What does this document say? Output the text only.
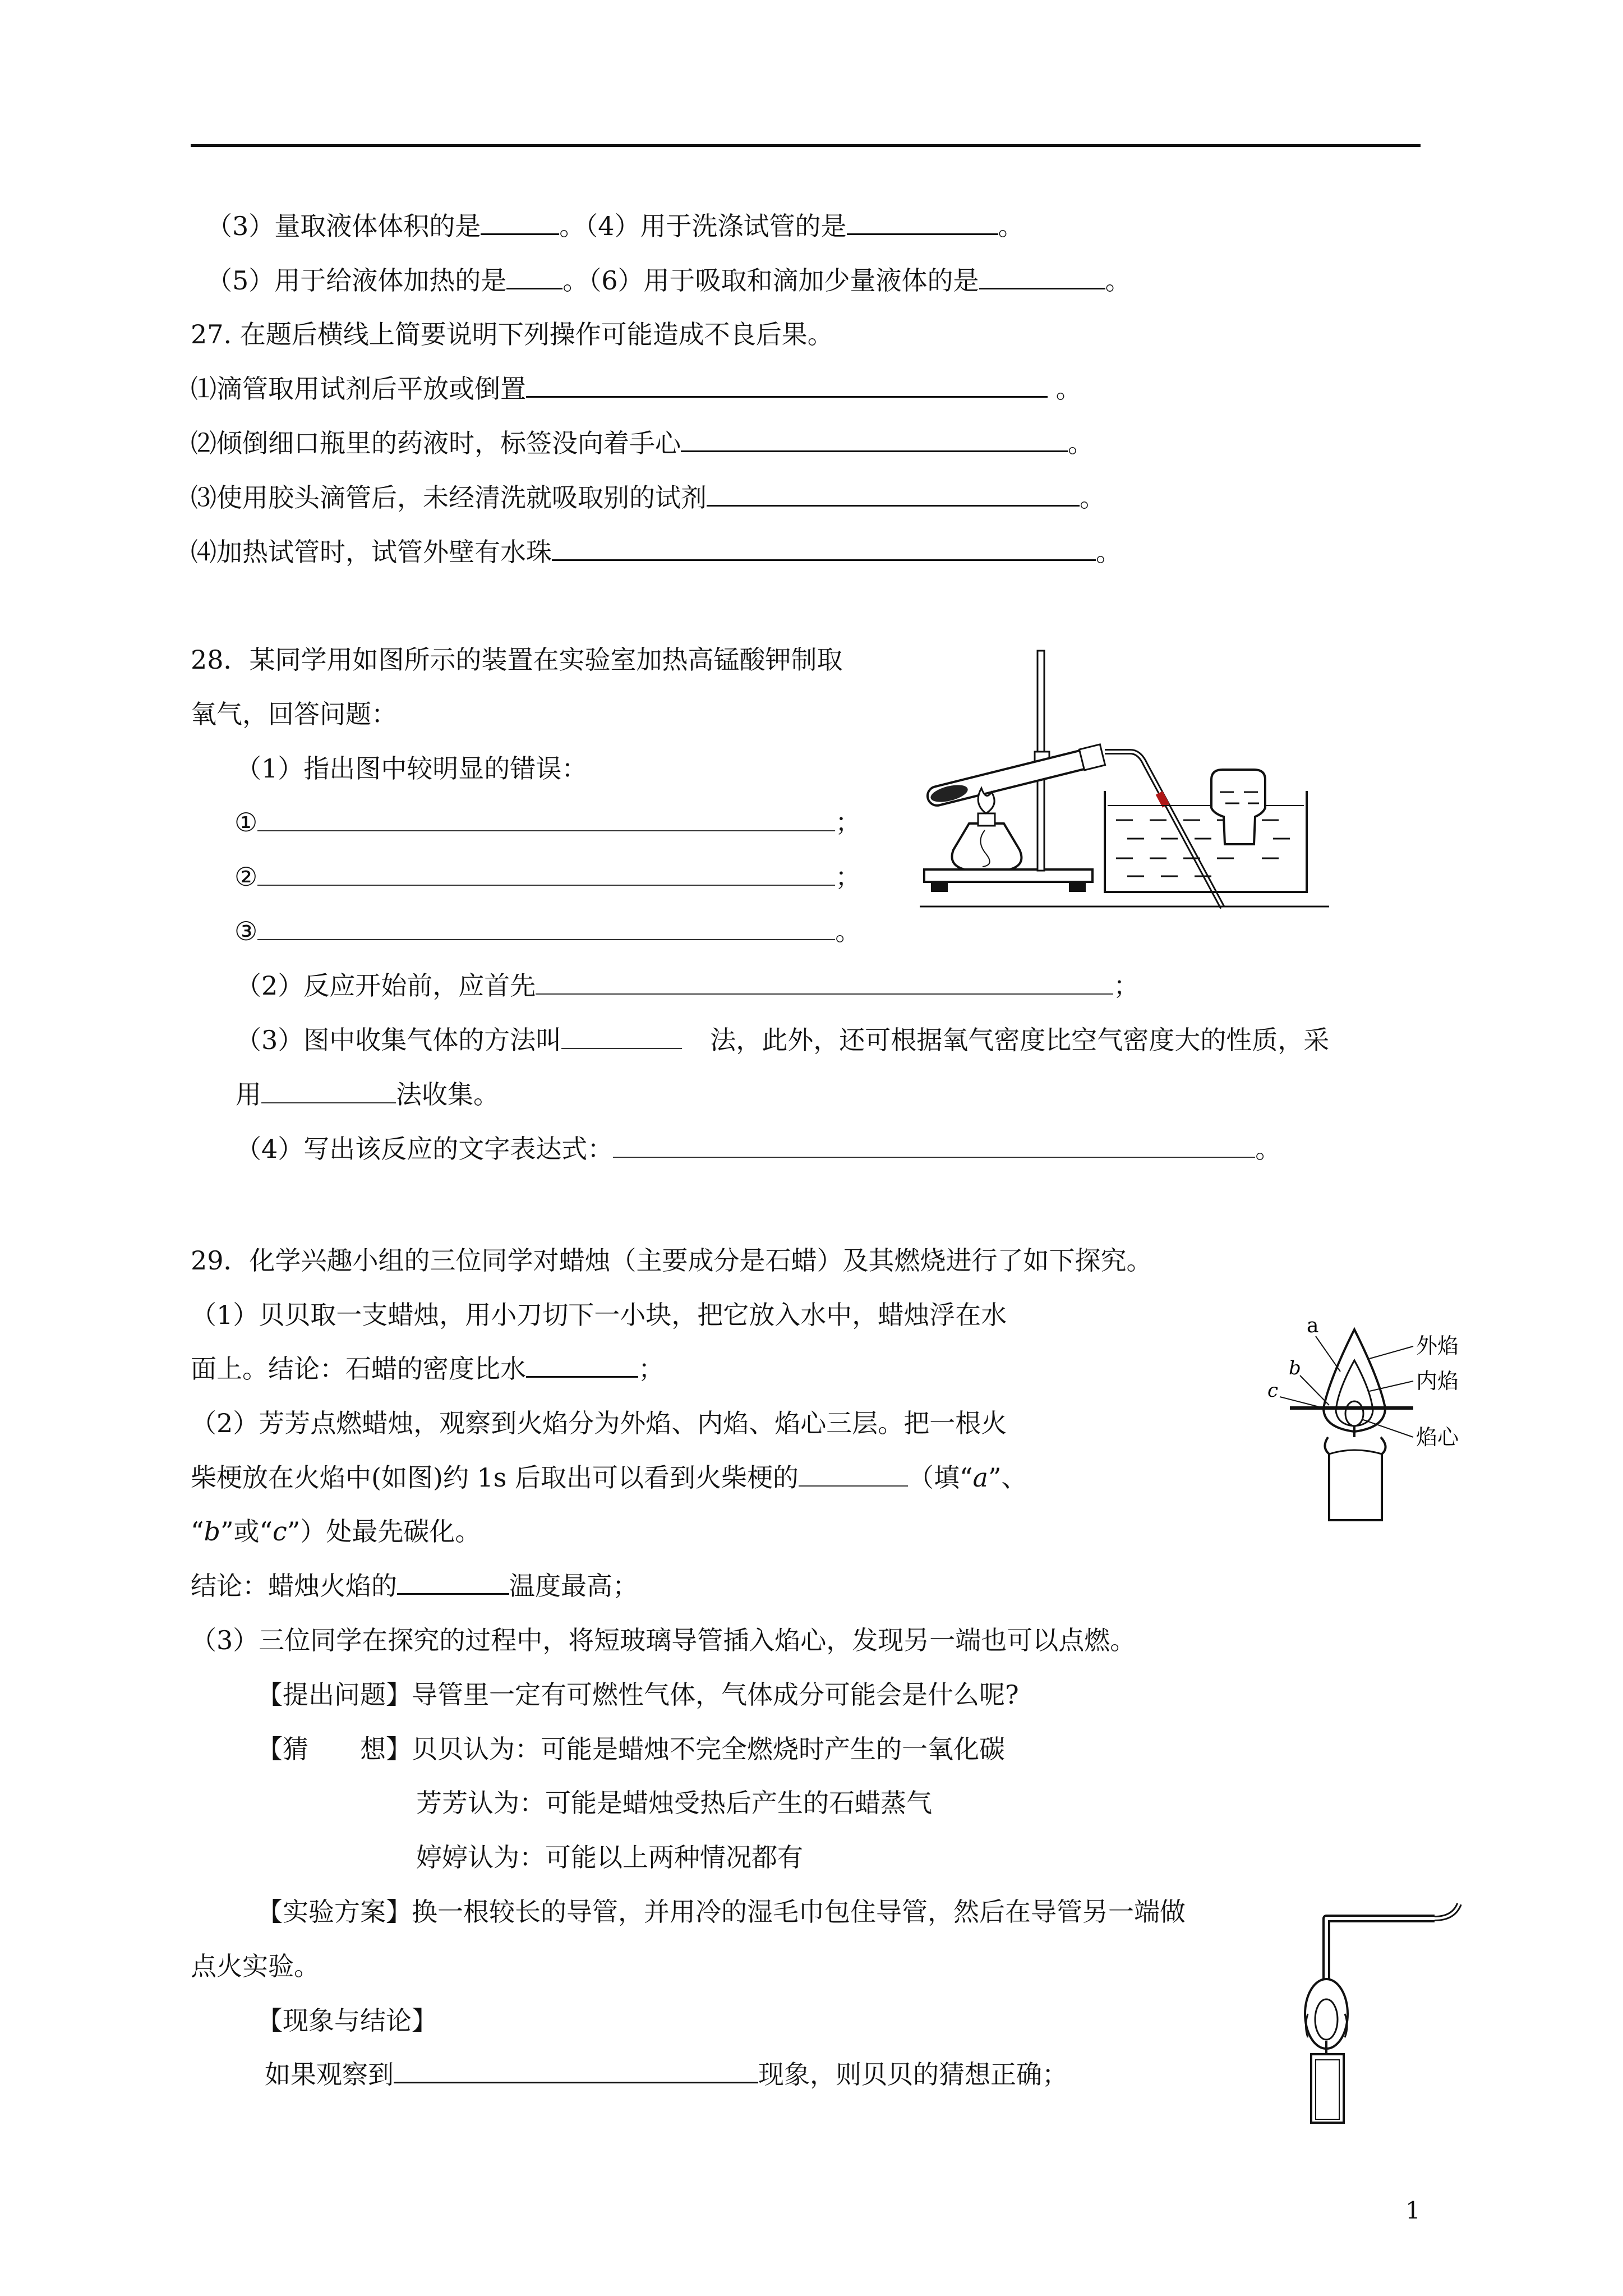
（3）量取液体体积的是	。（4）用于洗涤试管的是	。
（5）用于给液体加热的是 。（6）用于吸取和滴加少量液体的是	。
27. 在题后横线上简要说明下列操作可能造成不良后果。
⑴滴管取用试剂后平放或倒置	。
⑵倾倒细口瓶里的药液时，标签没向着手心	。
⑶使用胶头滴管后，未经清洗就吸取别的试剂	。
⑷加热试管时，试管外壁有水珠	。
28．某同学用如图所示的装置在实验室加热高锰酸钾制取
氧气，回答问题：
（1）指出图中较明显的错误：
①	；
②	；
③	。
（2）反应开始前，应首先	；
（3）图中收集气体的方法叫	法，此外，还可根据氧气密度比空气密度大的性质，采
用	法收集。
（4）写出该反应的文字表达式：	。
29．化学兴趣小组的三位同学对蜡烛（主要成分是石蜡）及其燃烧进行了如下探究。
（1）贝贝取一支蜡烛，用小刀切下一小块，把它放入水中，蜡烛浮在水
面上。结论：石蜡的密度比水	；
（2）芳芳点燃蜡烛，观察到火焰分为外焰、内焰、焰心三层。把一根火
柴梗放在火焰中(如图)约 1s 后取出可以看到火柴梗的	（填“a”、
“b”或“c”）处最先碳化。
结论：蜡烛火焰的	温度最高；
（3）三位同学在探究的过程中，将短玻璃导管插入焰心，发现另一端也可以点燃。
【提出问题】导管里一定有可燃性气体，气体成分可能会是什么呢?
【猜　　想】贝贝认为：可能是蜡烛不完全燃烧时产生的一氧化碳
芳芳认为：可能是蜡烛受热后产生的石蜡蒸气
婷婷认为：可能以上两种情况都有
【实验方案】换一根较长的导管，并用冷的湿毛巾包住导管，然后在导管另一端做
点火实验。
【现象与结论】
如果观察到	现象，则贝贝的猜想正确；
a
b
c
外焰
内焰
焰心
1
